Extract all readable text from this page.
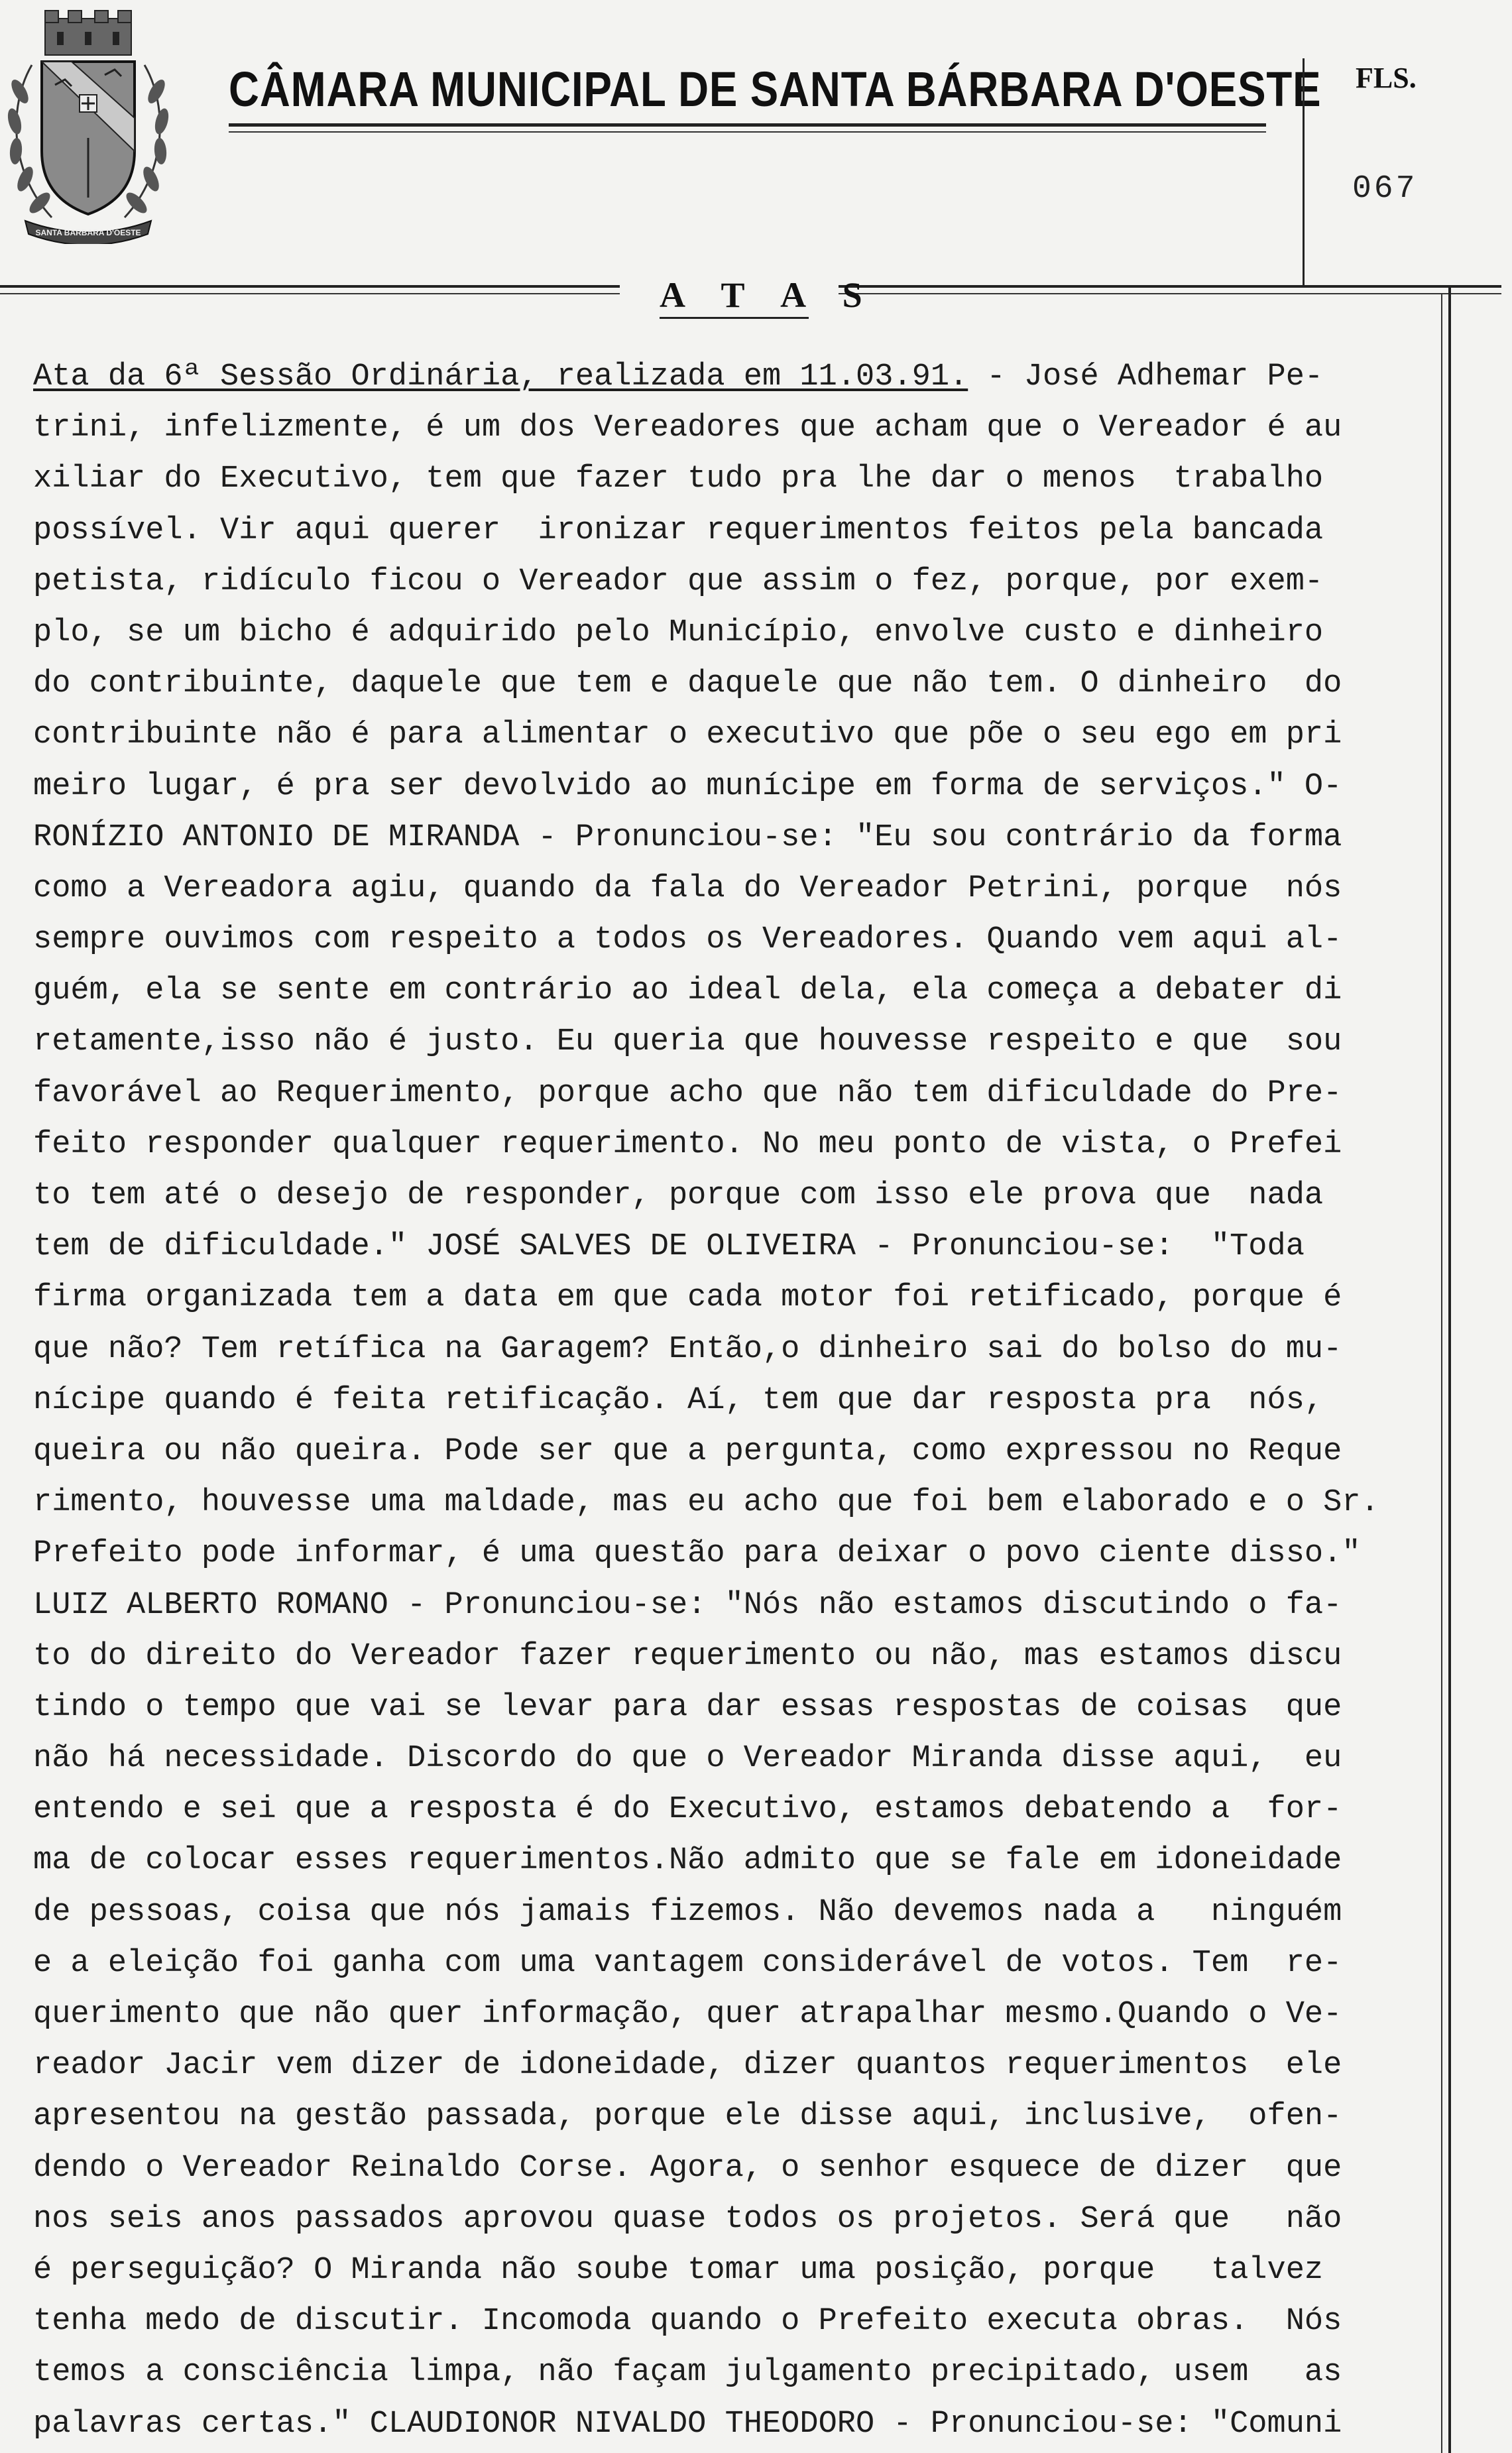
SANTA BARBARA D'OESTE
CÂMARA MUNICIPAL DE SANTA BÁRBARA D'OESTE FLS.
067
A T A S
Ata da 6ª Sessão Ordinária, realizada em 11.03.91. - José Adhemar Pe-
trini, infelizmente, é um dos Vereadores que acham que o Vereador é au
xiliar do Executivo, tem que fazer tudo pra lhe dar o menos  trabalho
possível. Vir aqui querer  ironizar requerimentos feitos pela bancada
petista, ridículo ficou o Vereador que assim o fez, porque, por exem-
plo, se um bicho é adquirido pelo Município, envolve custo e dinheiro
do contribuinte, daquele que tem e daquele que não tem. O dinheiro  do
contribuinte não é para alimentar o executivo que põe o seu ego em pri
meiro lugar, é pra ser devolvido ao munícipe em forma de serviços." O-
RONÍZIO ANTONIO DE MIRANDA - Pronunciou-se: "Eu sou contrário da forma
como a Vereadora agiu, quando da fala do Vereador Petrini, porque  nós
sempre ouvimos com respeito a todos os Vereadores. Quando vem aqui al-
guém, ela se sente em contrário ao ideal dela, ela começa a debater di
retamente,isso não é justo. Eu queria que houvesse respeito e que  sou
favorável ao Requerimento, porque acho que não tem dificuldade do Pre-
feito responder qualquer requerimento. No meu ponto de vista, o Prefei
to tem até o desejo de responder, porque com isso ele prova que  nada
tem de dificuldade." JOSÉ SALVES DE OLIVEIRA - Pronunciou-se:  "Toda
firma organizada tem a data em que cada motor foi retificado, porque é
que não? Tem retífica na Garagem? Então,o dinheiro sai do bolso do mu-
nícipe quando é feita retificação. Aí, tem que dar resposta pra  nós,
queira ou não queira. Pode ser que a pergunta, como expressou no Reque
rimento, houvesse uma maldade, mas eu acho que foi bem elaborado e o Sr.
Prefeito pode informar, é uma questão para deixar o povo ciente disso."
LUIZ ALBERTO ROMANO - Pronunciou-se: "Nós não estamos discutindo o fa-
to do direito do Vereador fazer requerimento ou não, mas estamos discu
tindo o tempo que vai se levar para dar essas respostas de coisas  que
não há necessidade. Discordo do que o Vereador Miranda disse aqui,  eu
entendo e sei que a resposta é do Executivo, estamos debatendo a  for-
ma de colocar esses requerimentos.Não admito que se fale em idoneidade
de pessoas, coisa que nós jamais fizemos. Não devemos nada a   ninguém
e a eleição foi ganha com uma vantagem considerável de votos. Tem  re-
querimento que não quer informação, quer atrapalhar mesmo.Quando o Ve-
reador Jacir vem dizer de idoneidade, dizer quantos requerimentos  ele
apresentou na gestão passada, porque ele disse aqui, inclusive,  ofen-
dendo o Vereador Reinaldo Corse. Agora, o senhor esquece de dizer  que
nos seis anos passados aprovou quase todos os projetos. Será que   não
é perseguição? O Miranda não soube tomar uma posição, porque   talvez
tenha medo de discutir. Incomoda quando o Prefeito executa obras.  Nós
temos a consciência limpa, não façam julgamento precipitado, usem   as
palavras certas." CLAUDIONOR NIVALDO THEODORO - Pronunciou-se: "Comuni
